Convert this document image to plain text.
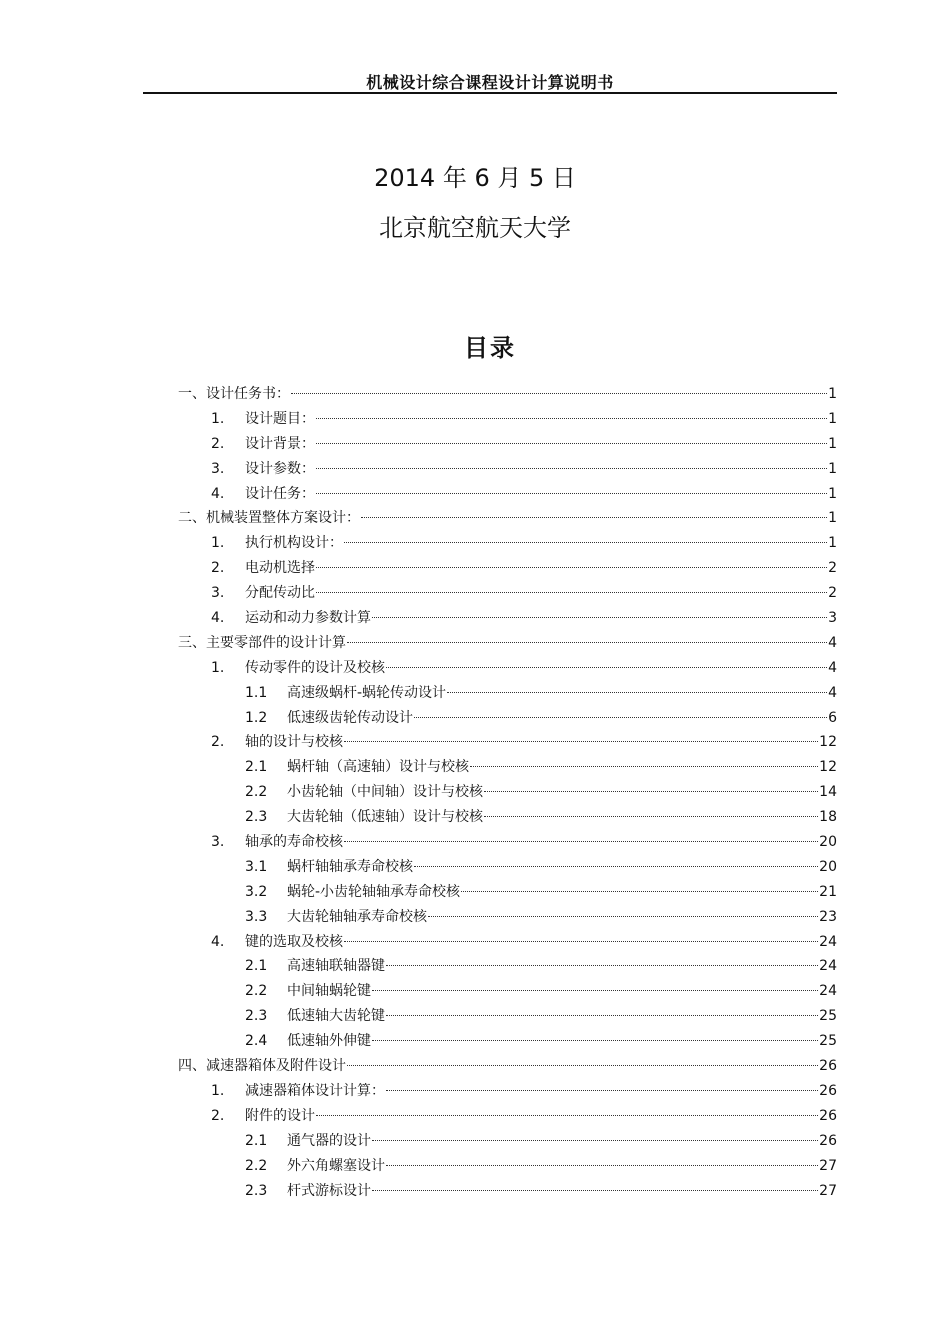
机械设计综合课程设计计算说明书
2014 年 6 月 5 日
北京航空航天大学
目录
一、 设计任务书：	1
1.	设计题目：	1
2.	设计背景：	1
3.	设计参数：	1
4.	设计任务：	1
二、 机械装置整体方案设计：	1
1.	执行机构设计：	1
2.	电动机选择	2
3.	分配传动比	2
4.	运动和动力参数计算	3
三、 主要零部件的设计计算	4
1.	传动零件的设计及校核	4
1.1	高速级蜗杆-蜗轮传动设计	4
1.2	低速级齿轮传动设计	6
2.	轴的设计与校核	12
2.1	蜗杆轴（高速轴）设计与校核	12
2.2	小齿轮轴（中间轴）设计与校核	14
2.3	大齿轮轴（低速轴）设计与校核	18
3.	轴承的寿命校核	20
3.1	蜗杆轴轴承寿命校核	20
3.2	蜗轮-小齿轮轴轴承寿命校核	21
3.3	大齿轮轴轴承寿命校核	23
4.	键的选取及校核	24
2.1	高速轴联轴器键	24
2.2	中间轴蜗轮键	24
2.3	低速轴大齿轮键	25
2.4	低速轴外伸键	25
四、 减速器箱体及附件设计	26
1.	减速器箱体设计计算：	26
2.	附件的设计	26
2.1	通气器的设计	26
2.2	外六角螺塞设计	27
2.3	杆式游标设计	27
